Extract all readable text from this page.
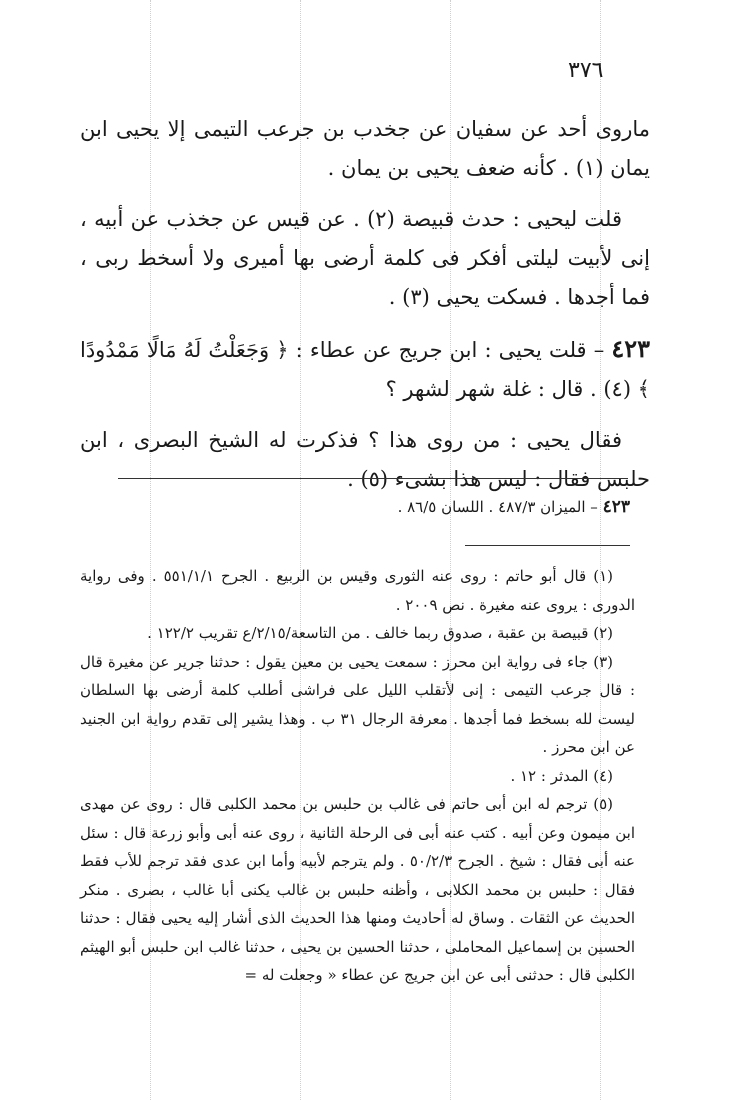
٣٧٦

ماروى أحد عن سفيان عن جخدب بن جرعب التيمى إلا يحيى ابن يمان (١) . كأنه ضعف يحيى بن يمان .

قلت ليحيى : حدث قبيصة (٢) . عن قيس عن جخذب عن أبيه ، إنى لأبيت ليلتى أفكر فى كلمة أرضى بها أميرى ولا أسخط ربى ، فما أجدها . فسكت يحيى (٣) .

٤٢٣ – قلت يحيى : ابن جريج عن عطاء : ﴿ وَجَعَلْتُ لَهُ مَالًا مَمْدُودًا ﴾ (٤) . قال : غلة شهر لشهر ؟

فقال يحيى : من روى هذا ؟ فذكرت له الشيخ البصرى ، ابن حلبس فقال : ليس هذا بشىء (٥) .

٤٢٣ – الميزان ٤٨٧/٣ . اللسان ٨٦/٥ .

(١) قال أبو حاتم : روى عنه الثورى وقيس بن الربيع . الجرح ٥٥١/١/١ . وفى رواية الدورى : يروى عنه مغيرة . نص ٢٠٠٩ .

(٢) قبيصة بن عقبة ، صدوق ربما خالف . من التاسعة/٢/١٥/ع تقريب ١٢٢/٢ .

(٣) جاء فى رواية ابن محرز : سمعت يحيى بن معين يقول : حدثنا جرير عن مغيرة قال : قال جرعب التيمى : إنى لأتقلب الليل على فراشى أطلب كلمة أرضى بها السلطان ليست لله بسخط فما أجدها . معرفة الرجال ٣١ ب . وهذا يشير إلى تقدم رواية ابن الجنيد عن ابن محرز .

(٤) المدثر : ١٢ .

(٥) ترجم له ابن أبى حاتم فى غالب بن حلبس بن محمد الكلبى قال : روى عن مهدى ابن ميمون وعن أبيه . كتب عنه أبى فى الرحلة الثانية ، روى عنه أبى وأبو زرعة قال : سئل عنه أبى فقال : شيخ . الجرح ٥٠/٢/٣ . ولم يترجم لأبيه وأما ابن عدى فقد ترجم للأب فقط فقال : حلبس بن محمد الكلابى ، وأظنه حلبس بن غالب يكنى أبا غالب ، بصرى . منكر الحديث عن الثقات . وساق له أحاديث ومنها هذا الحديث الذى أشار إليه يحيى فقال : حدثنا الحسين بن إسماعيل المحاملى ، حدثنا الحسين بن يحيى ، حدثنا غالب ابن حلبس أبو الهيثم الكلبى قال : حدثنى أبى عن ابن جريج عن عطاء « وجعلت له =
